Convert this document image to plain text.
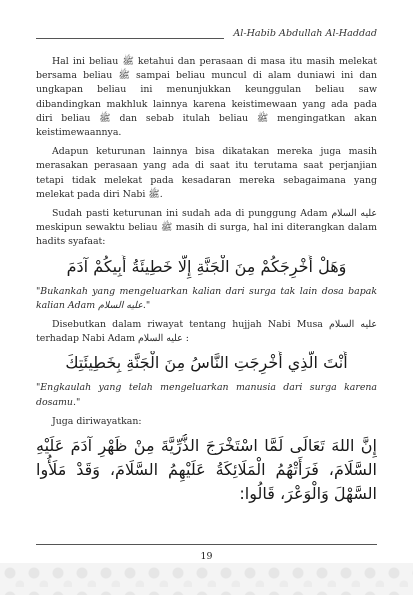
Al-Habib Abdullah Al-Haddad

Hal ini beliau ﷺ ketahui dan perasaan di masa itu masih melekat bersama beliau ﷺ sampai beliau muncul di alam duniawi ini dan ungkapan beliau ini menunjukkan keunggulan beliau saw dibandingkan makhluk lainnya karena keistimewaan yang ada pada diri beliau ﷺ dan sebab itulah beliau ﷺ mengingatkan akan keistimewaannya.

Adapun keturunan lainnya bisa dikatakan mereka juga masih merasakan perasaan yang ada di saat itu terutama saat perjanjian tetapi tidak melekat pada kesadaran mereka sebagaimana yang melekat pada diri Nabi ﷺ.

Sudah pasti keturunan ini sudah ada di punggung Adam عليه السلام meskipun sewaktu beliau ﷺ masih di surga, hal ini diterangkan dalam hadits syafaat:

وَهَلْ أُخْرِجَكُمْ مِنَ الْجَنَّةِ إِلَّا خَطِيئَةُ أَبِيكُمْ آدَمَ

"Bukankah yang mengeluarkan kalian dari surga tak lain dosa bapak kalian Adam عليه السلام."

Disebutkan dalam riwayat tentang hujjah Nabi Musa عليه السلام terhadap Nabi Adam عليه السلام :

أَنْتَ الَّذِي أُخْرِجَتِ النَّاسُ مِنَ الْجَنَّةِ بِخَطِيئَتِكَ

"Engkaulah yang telah mengeluarkan manusia dari surga karena dosamu."

Juga diriwayatkan:

إِنَّ اللهَ تَعَالَى لَمَّا اسْتَخْرَجَ الذُّرِّيَّةَ مِنْ ظَهْرِ آدَمَ عَلَيْهِ السَّلَامَ، فَرَأَتْهُمُ الْمَلَائِكَةُ عَلَيْهِمُ السَّلَامَ، وَقَدْ مَلَأُوا السَّهْلَ وَالْوَعْرَ، قَالُوا:
19
